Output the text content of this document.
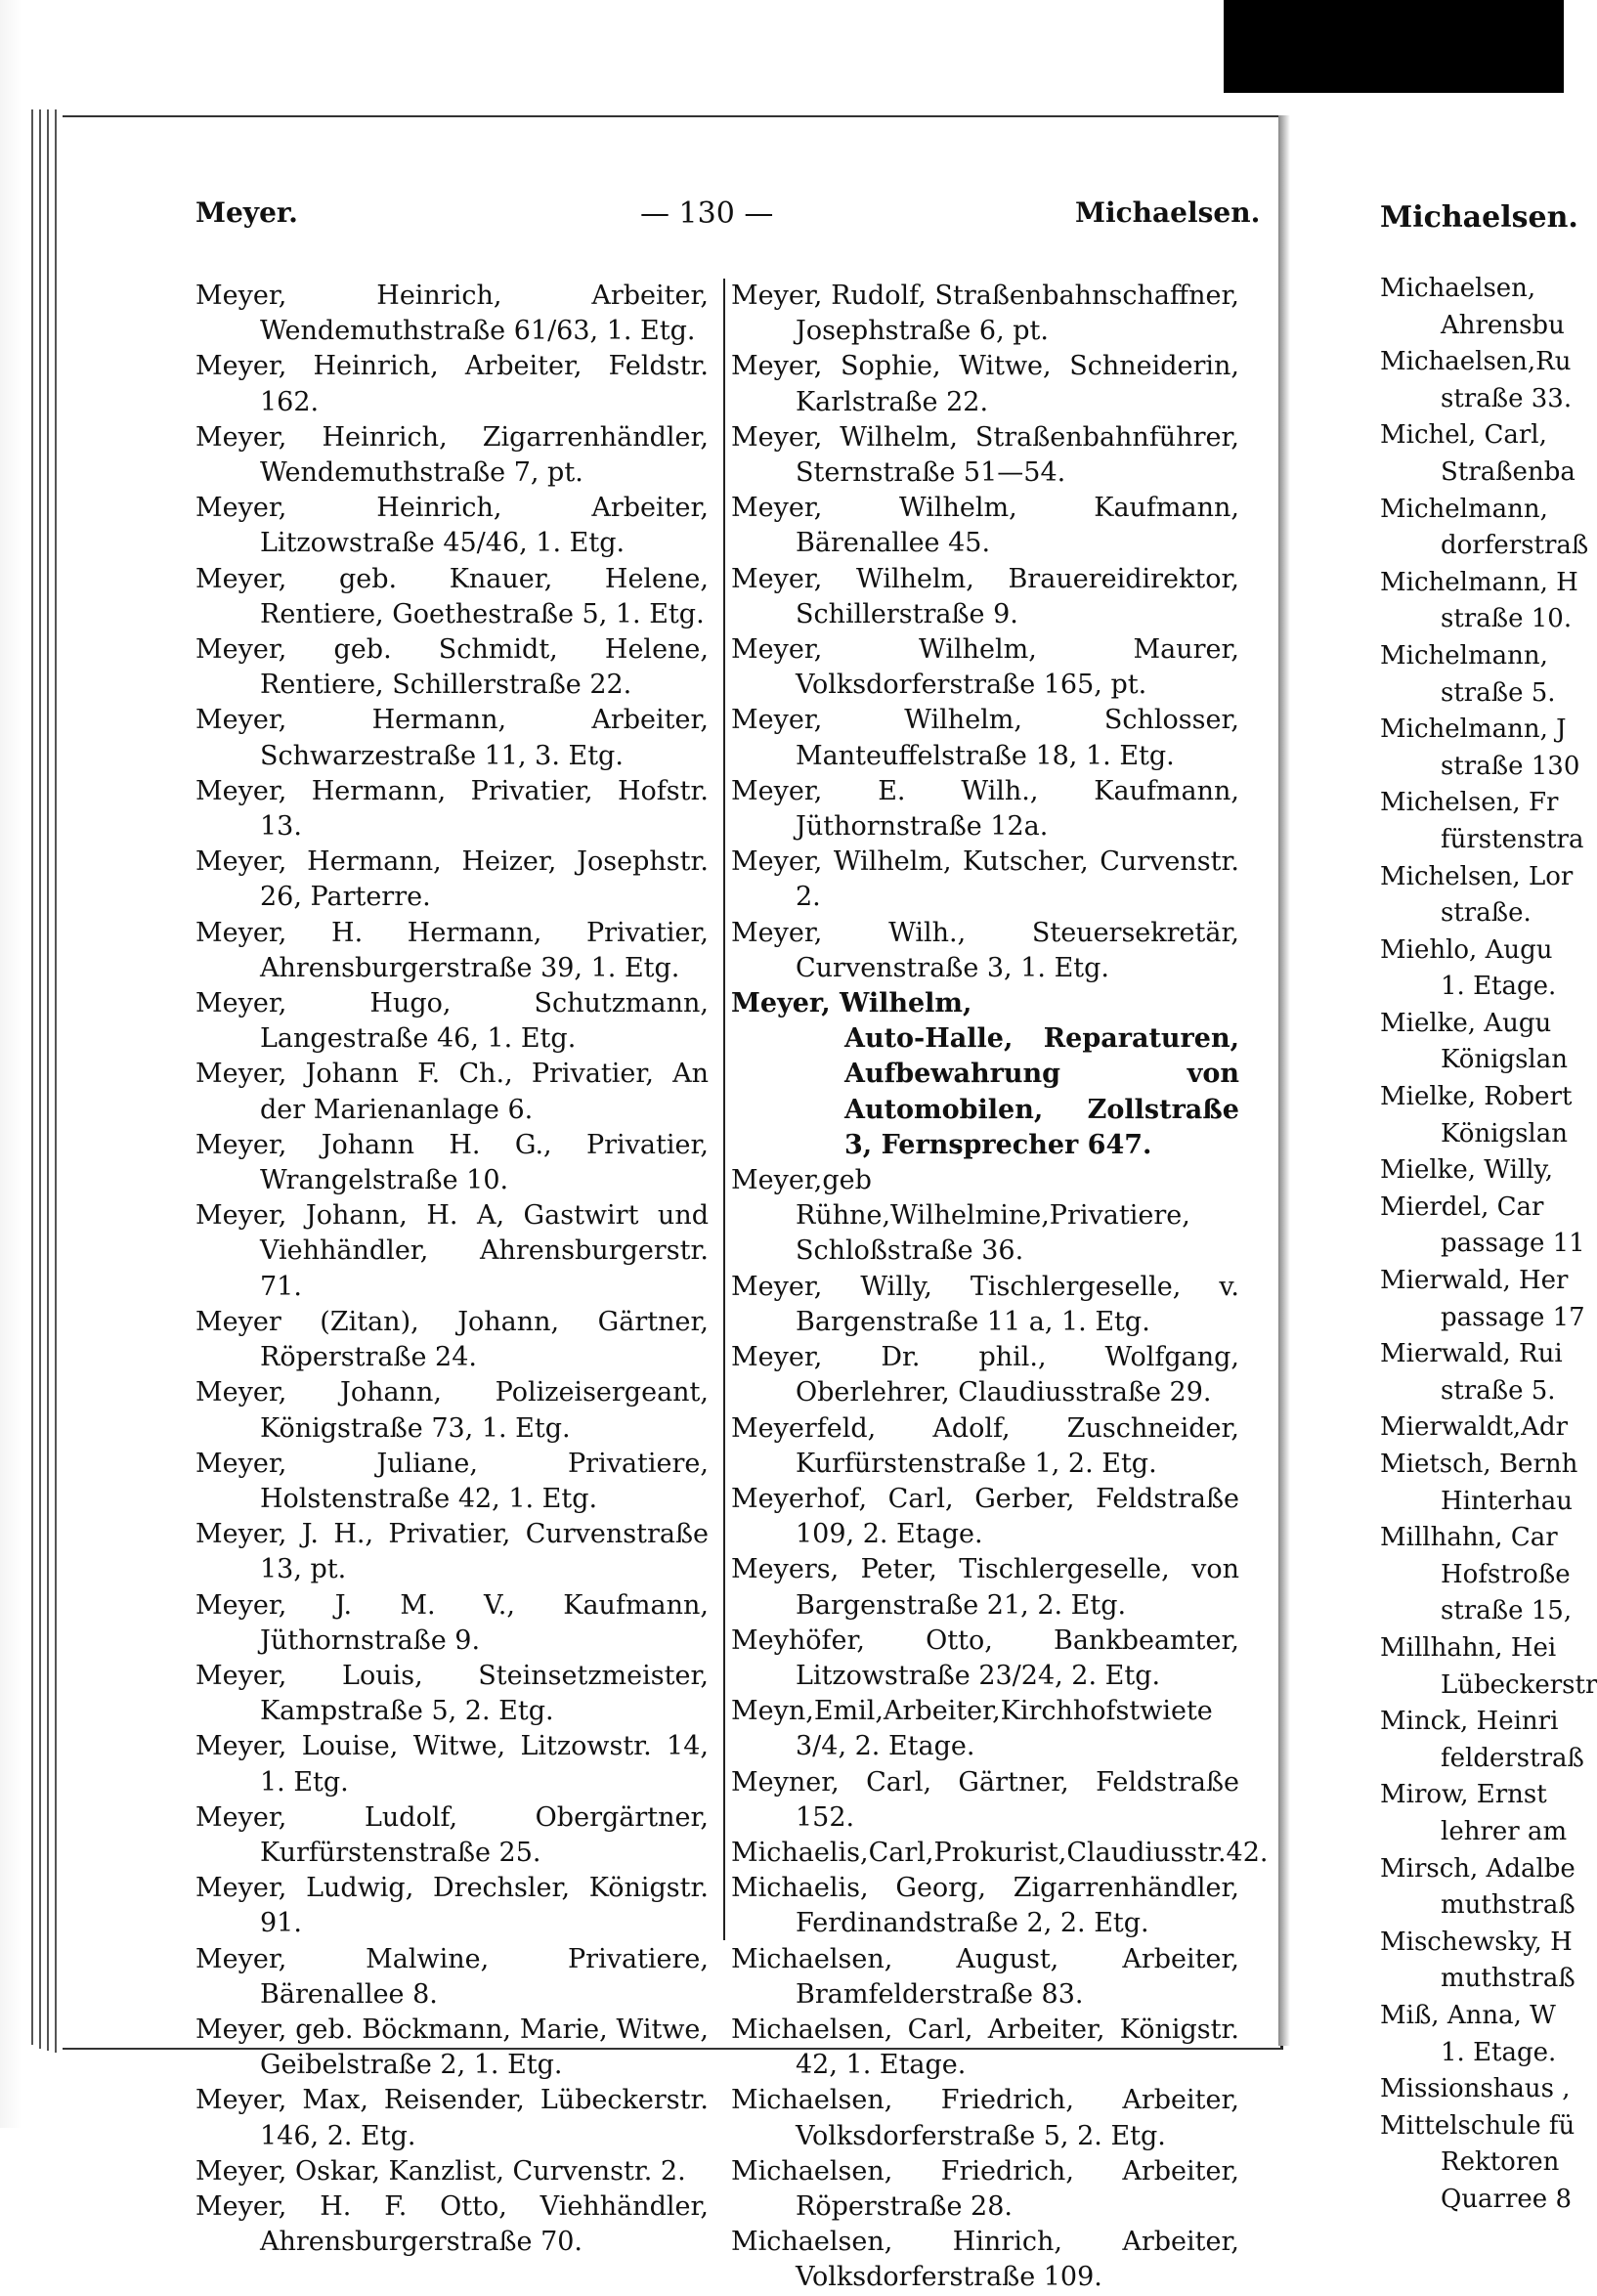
Meyer.	— 130 —	Michaelsen.

Meyer, Heinrich, Arbeiter, Wendemuthstraße 61/63, 1. Etg.

Meyer, Heinrich, Arbeiter, Feldstr. 162.

Meyer, Heinrich, Zigarrenhändler, Wendemuthstraße 7, pt.

Meyer, Heinrich, Arbeiter, Litzowstraße 45/46, 1. Etg.

Meyer, geb. Knauer, Helene, Rentiere, Goethestraße 5, 1. Etg.

Meyer, geb. Schmidt, Helene, Rentiere, Schillerstraße 22.

Meyer, Hermann, Arbeiter, Schwarzestraße 11, 3. Etg.

Meyer, Hermann, Privatier, Hofstr. 13.

Meyer, Hermann, Heizer, Josephstr. 26, Parterre.

Meyer, H. Hermann, Privatier, Ahrensburgerstraße 39, 1. Etg.

Meyer, Hugo, Schutzmann, Langestraße 46, 1. Etg.

Meyer, Johann F. Ch., Privatier, An der Marienanlage 6.

Meyer, Johann H. G., Privatier, Wrangelstraße 10.

Meyer, Johann, H. A, Gastwirt und Viehhändler, Ahrensburgerstr. 71.

Meyer (Zitan), Johann, Gärtner, Röperstraße 24.

Meyer, Johann, Polizeisergeant, Königstraße 73, 1. Etg.

Meyer, Juliane, Privatiere, Holstenstraße 42, 1. Etg.

Meyer, J. H., Privatier, Curvenstraße 13, pt.

Meyer, J. M. V., Kaufmann, Jüthornstraße 9.

Meyer, Louis, Steinsetzmeister, Kampstraße 5, 2. Etg.

Meyer, Louise, Witwe, Litzowstr. 14, 1. Etg.

Meyer, Ludolf, Obergärtner, Kurfürstenstraße 25.

Meyer, Ludwig, Drechsler, Königstr. 91.

Meyer, Malwine, Privatiere, Bärenallee 8.

Meyer, geb. Böckmann, Marie, Witwe, Geibelstraße 2, 1. Etg.

Meyer, Max, Reisender, Lübeckerstr. 146, 2. Etg.

Meyer, Oskar, Kanzlist, Curvenstr. 2.

Meyer, H. F. Otto, Viehhändler, Ahrensburgerstraße 70.

Meyer, Rudolf, Straßenbahnschaffner, Josephstraße 6, pt.

Meyer, Sophie, Witwe, Schneiderin, Karlstraße 22.

Meyer, Wilhelm, Straßenbahnführer, Sternstraße 51—54.

Meyer, Wilhelm, Kaufmann, Bärenallee 45.

Meyer, Wilhelm, Brauereidirektor, Schillerstraße 9.

Meyer, Wilhelm, Maurer, Volksdorferstraße 165, pt.

Meyer, Wilhelm, Schlosser, Manteuffelstraße 18, 1. Etg.

Meyer, E. Wilh., Kaufmann, Jüthornstraße 12a.

Meyer, Wilhelm, Kutscher, Curvenstr. 2.

Meyer, Wilh., Steuersekretär, Curvenstraße 3, 1. Etg.

Meyer, Wilhelm,
Auto-Halle, Reparaturen, Aufbewahrung von Automobilen, Zollstraße 3, Fernsprecher 647.

Meyer,geb Rühne,Wilhelmine,Privatiere, Schloßstraße 36.

Meyer, Willy, Tischlergeselle, v. Bargenstraße 11 a, 1. Etg.

Meyer, Dr. phil., Wolfgang, Oberlehrer, Claudiusstraße 29.

Meyerfeld, Adolf, Zuschneider, Kurfürstenstraße 1, 2. Etg.

Meyerhof, Carl, Gerber, Feldstraße 109, 2. Etage.

Meyers, Peter, Tischlergeselle, von Bargenstraße 21, 2. Etg.

Meyhöfer, Otto, Bankbeamter, Litzowstraße 23/24, 2. Etg.

Meyn,Emil,Arbeiter,Kirchhofstwiete 3/4, 2. Etage.

Meyner, Carl, Gärtner, Feldstraße 152.

Michaelis,Carl,Prokurist,Claudiusstr.42.

Michaelis, Georg, Zigarrenhändler, Ferdinandstraße 2, 2. Etg.

Michaelsen, August, Arbeiter, Bramfelderstraße 83.

Michaelsen, Carl, Arbeiter, Königstr. 42, 1. Etage.

Michaelsen, Friedrich, Arbeiter, Volksdorferstraße 5, 2. Etg.

Michaelsen, Friedrich, Arbeiter, Röperstraße 28.

Michaelsen, Hinrich, Arbeiter, Volksdorferstraße 109.

Michaelsen.
Michaelsen,
Ahrensbu
Michaelsen,Ru
straße 33.
Michel, Carl,
Straßenba
Michelmann,
dorferstraß
Michelmann, H
straße 10.
Michelmann,
straße 5.
Michelmann, J
straße 130
Michelsen, Fr
fürstenstra
Michelsen, Lor
straße.
Miehlo, Augu
1. Etage.
Mielke, Augu
Königslan
Mielke, Robert
Königslan
Mielke, Willy,
Mierdel, Car
passage 11
Mierwald, Her
passage 17
Mierwald, Rui
straße 5.
Mierwaldt,Adr
Mietsch, Bernh
Hinterhau
Millhahn, Car
Hofstroße
straße 15,
Millhahn, Hei
Lübeckerstr
Minck, Heinri
felderstraß
Mirow, Ernst
lehrer am
Mirsch, Adalbe
muthstraß
Mischewsky, H
muthstraß
Miß, Anna, W
1. Etage.
Missionshaus ,
Mittelschule fü
Rektoren
Quarree 8
